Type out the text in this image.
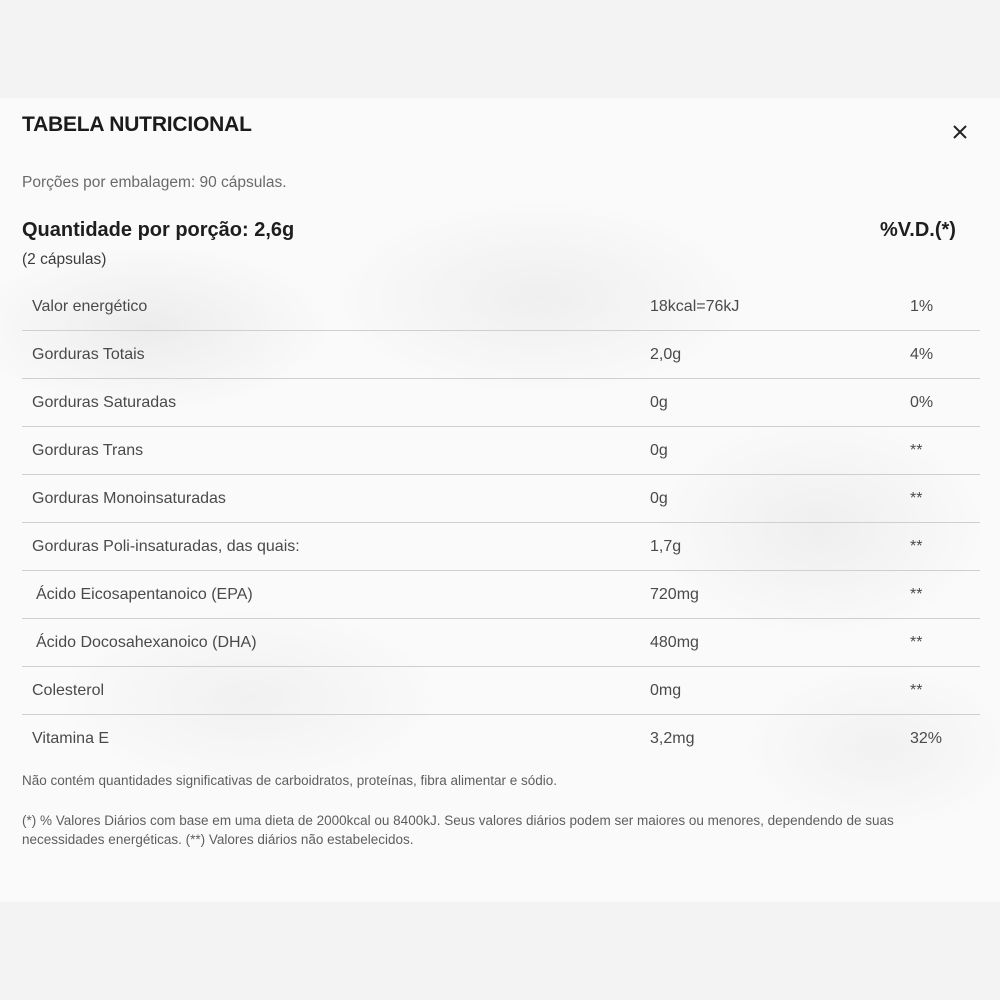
TABELA NUTRICIONAL
Porções por embalagem: 90 cápsulas.
Quantidade por porção: 2,6g	%V.D.(*)
(2 cápsulas)
Valor energético	18kcal=76kJ	1%
Gorduras Totais	2,0g	4%
Gorduras Saturadas	0g	0%
Gorduras Trans	0g	**
Gorduras Monoinsaturadas	0g	**
Gorduras Poli-insaturadas, das quais:	1,7g	**
Ácido Eicosapentanoico (EPA)	720mg	**
Ácido Docosahexanoico (DHA)	480mg	**
Colesterol	0mg	**
Vitamina E	3,2mg	32%
Não contém quantidades significativas de carboidratos, proteínas, fibra alimentar e sódio.
(*) % Valores Diários com base em uma dieta de 2000kcal ou 8400kJ. Seus valores diários podem ser maiores ou menores, dependendo de suas necessidades energéticas. (**) Valores diários não estabelecidos.
